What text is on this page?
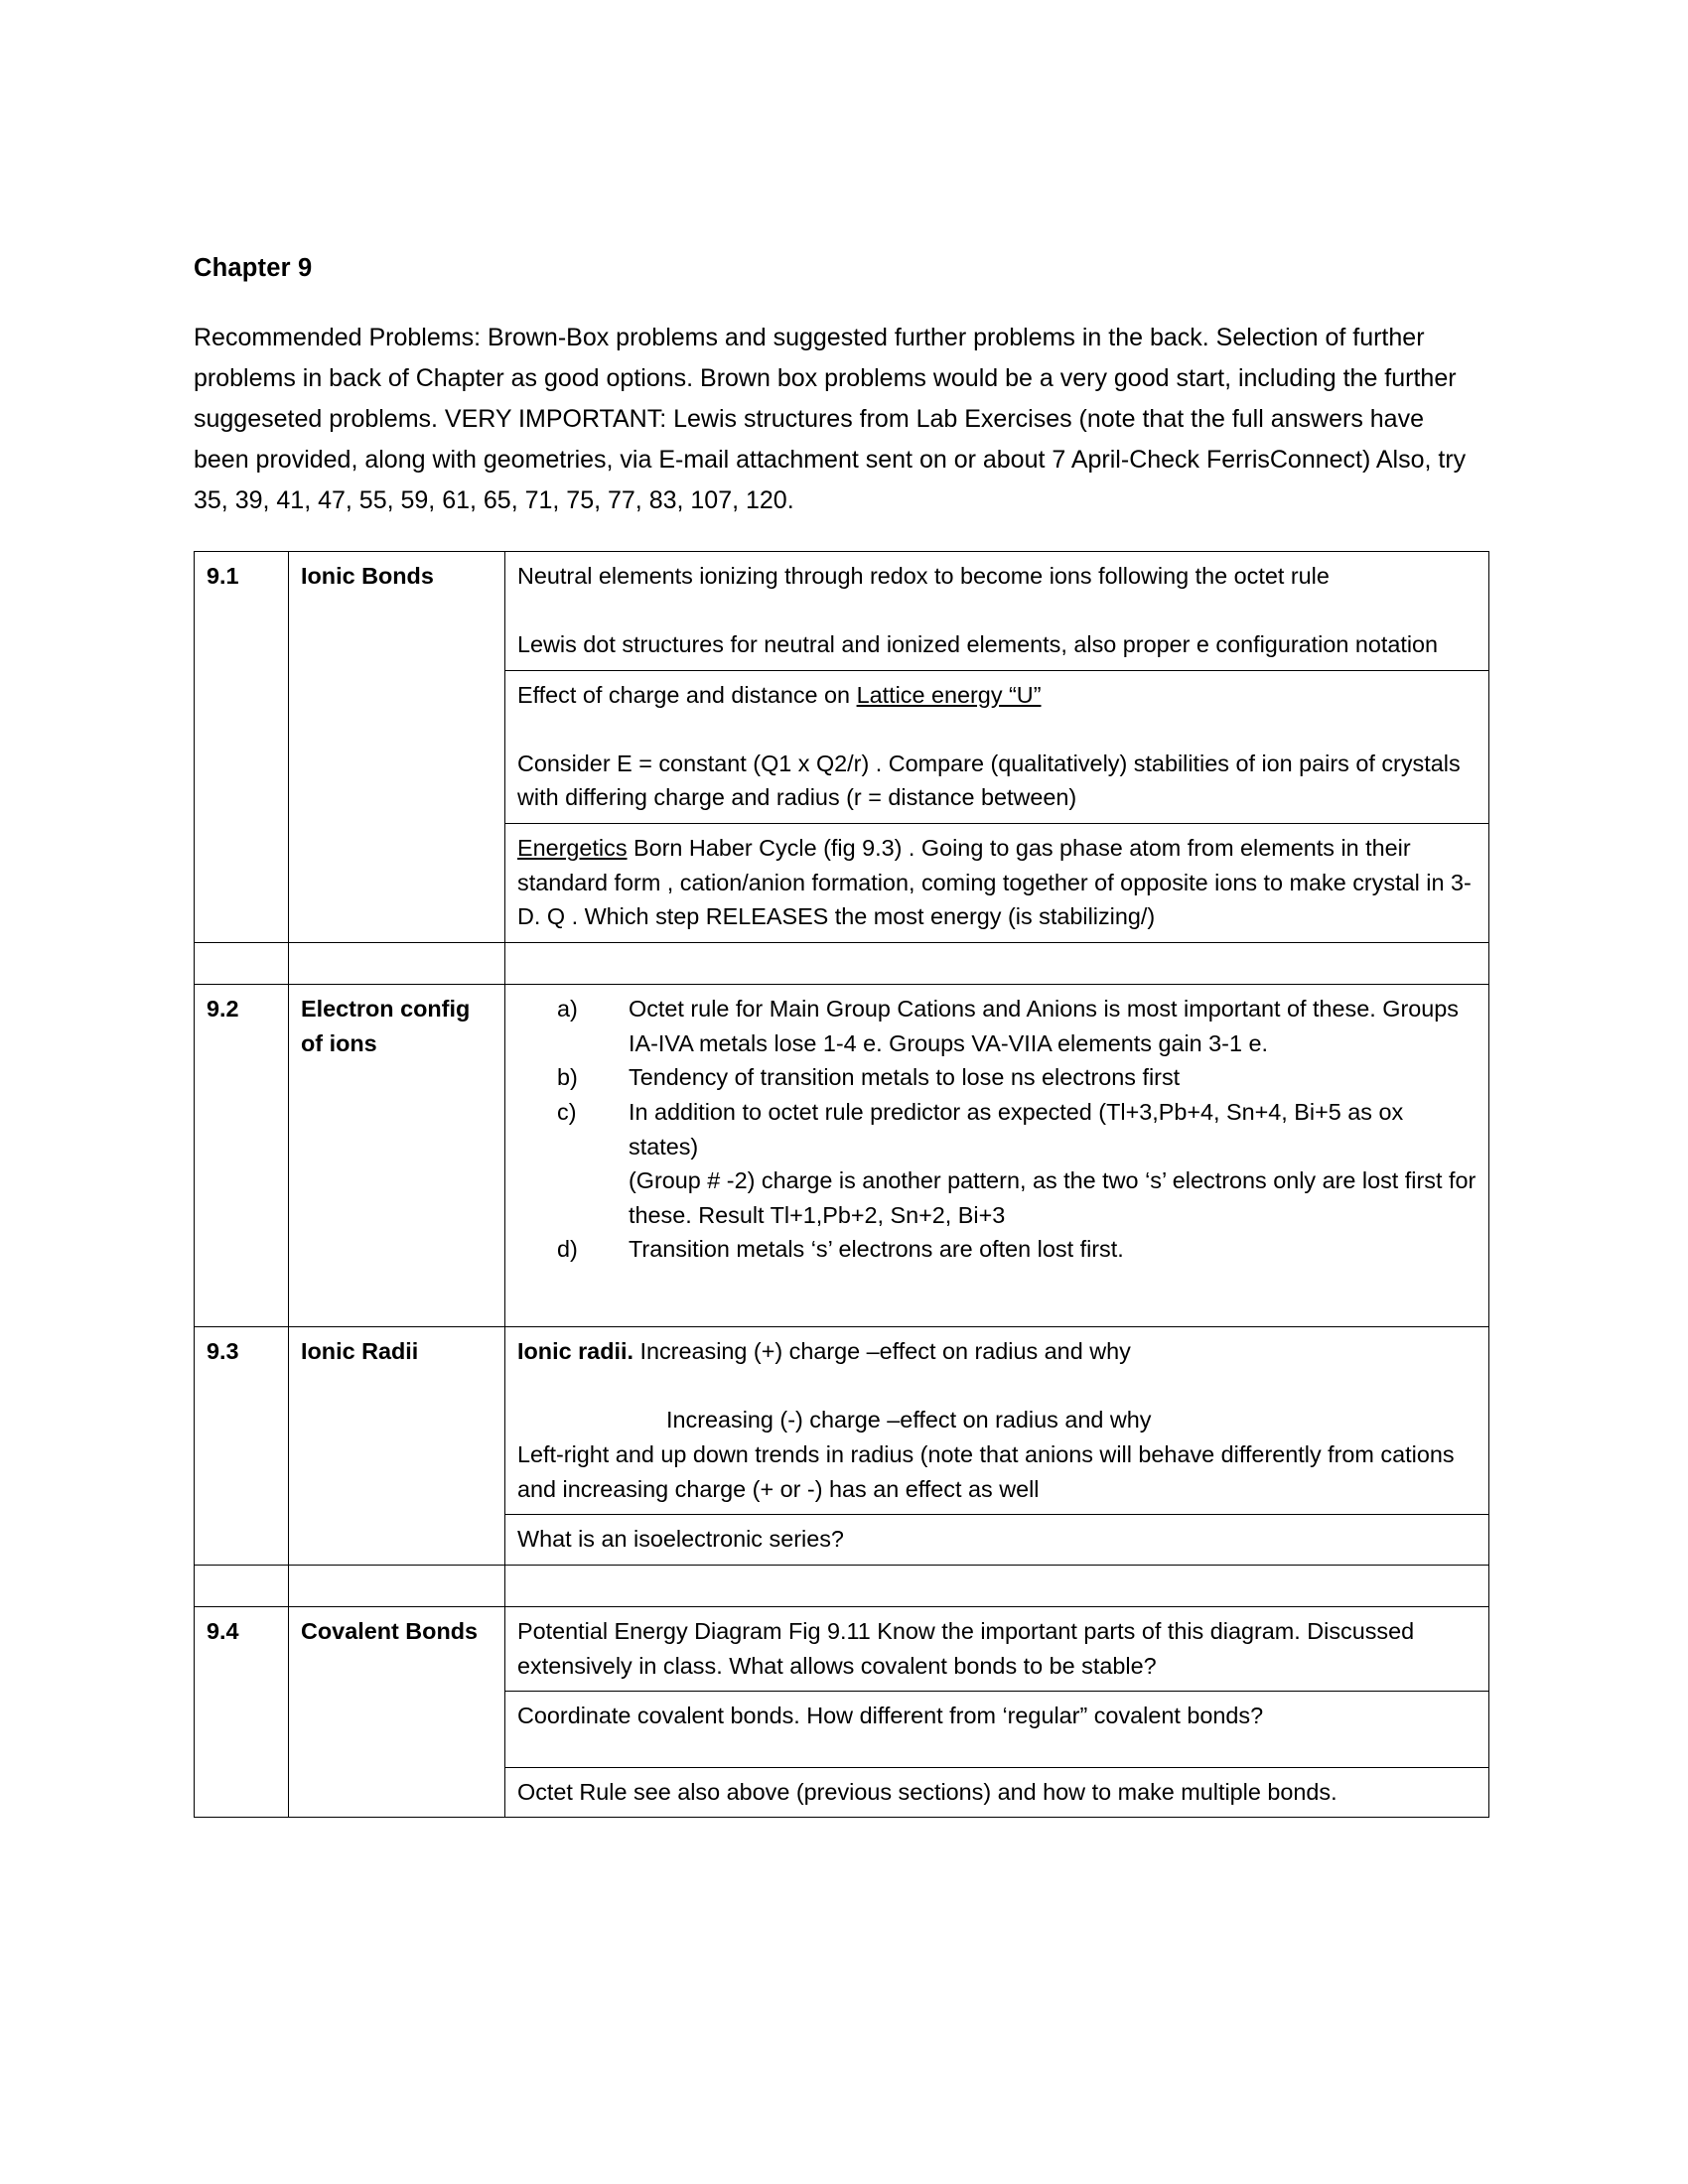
Chapter 9

Recommended Problems: Brown-Box problems and suggested further problems in the back. Selection of further problems in back of Chapter as good options. Brown box problems would be a very good start, including the further suggeseted problems. VERY IMPORTANT: Lewis structures from Lab Exercises (note that the full answers have been provided, along with geometries, via E-mail attachment sent on or about 7 April-Check FerrisConnect) Also, try 35, 39, 41, 47, 55, 59, 61, 65, 71, 75, 77, 83, 107, 120.

9.1	Ionic Bonds	Neutral elements ionizing through redox to become ions following the octet rule

Lewis dot structures for neutral and ionized elements, also proper e configuration notation

		Effect of charge and distance on Lattice energy “U”

Consider E = constant (Q1 x Q2/r) . Compare (qualitatively) stabilities of ion pairs of crystals with differing charge and radius (r = distance between)

		Energetics Born Haber Cycle (fig 9.3) . Going to gas phase atom from elements in their standard form , cation/anion formation, coming together of opposite ions to make crystal in 3-D. Q . Which step RELEASES the most energy (is stabilizing/)

9.2	Electron config of ions	
a)	Octet rule for Main Group Cations and Anions is most important of these. Groups IA-IVA metals lose 1-4 e. Groups VA-VIIA elements gain 3-1 e.
b)	Tendency of transition metals to lose ns electrons first
c)	In addition to octet rule predictor as expected (Tl+3,Pb+4, Sn+4, Bi+5 as ox states)
(Group # -2) charge is another pattern, as the two ‘s’ electrons only are lost first for these. Result Tl+1,Pb+2, Sn+2, Bi+3
d)	Transition metals ‘s’ electrons are often lost first.

9.3	Ionic Radii	Ionic radii. Increasing (+) charge –effect on radius and why

Increasing (-) charge –effect on radius and why

Left-right and up down trends in radius (note that anions will behave differently from cations and increasing charge (+ or -) has an effect as well

		What is an isoelectronic series?

9.4	Covalent Bonds	Potential Energy Diagram Fig 9.11 Know the important parts of this diagram. Discussed extensively in class. What allows covalent bonds to be stable?
		Coordinate covalent bonds. How different from ‘regular” covalent bonds?
		Octet Rule see also above (previous sections) and how to make multiple bonds.
